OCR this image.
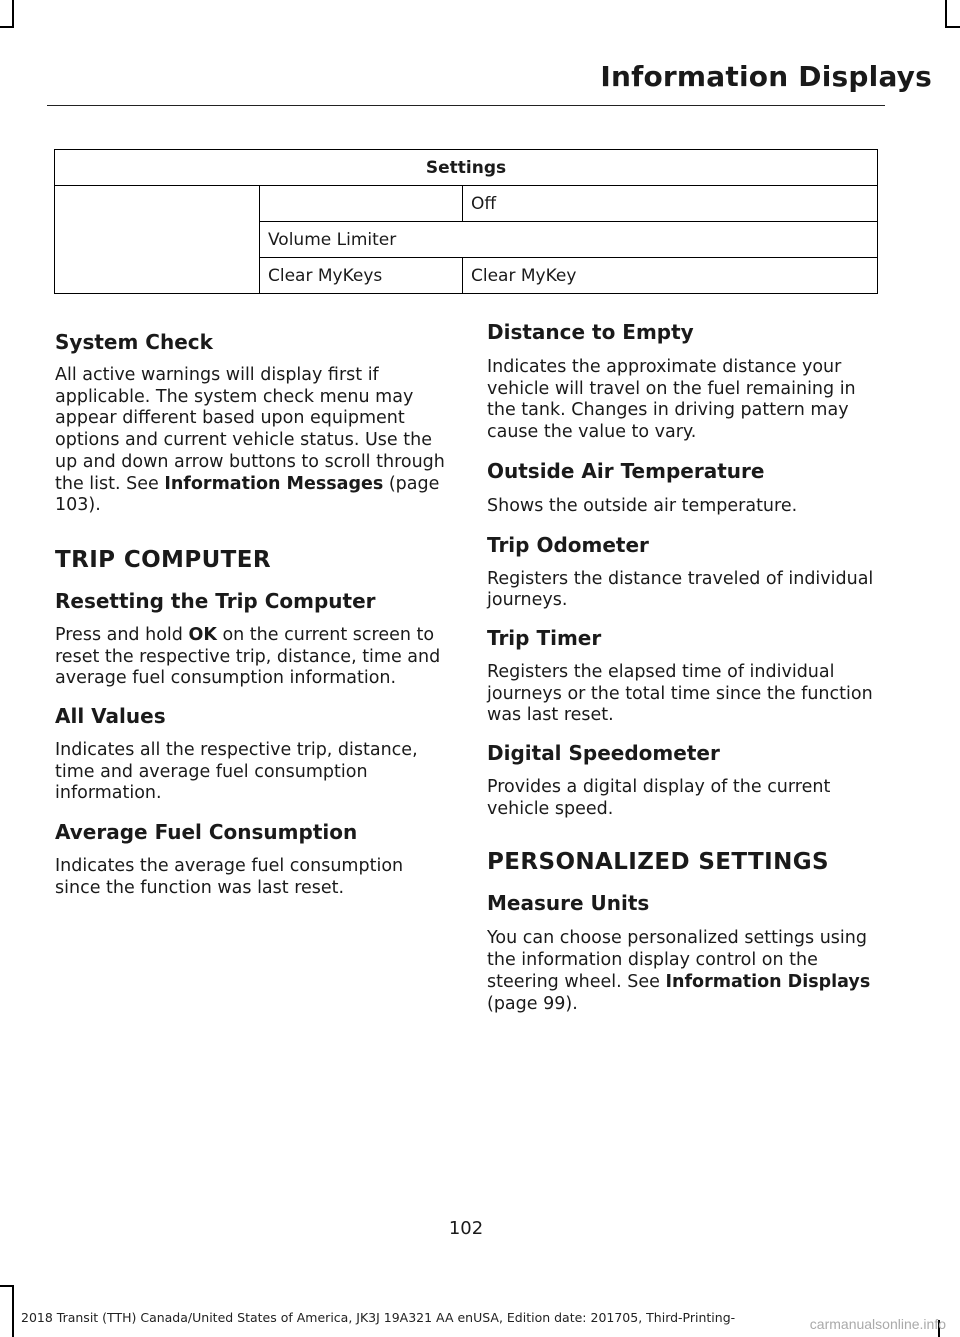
Information Displays
Settings		
		Off
	Volume Limiter	
	Clear MyKeys	Clear MyKey
System Check

All active warnings will display first if applicable. The system check menu may appear different based upon equipment options and current vehicle status. Use the up and down arrow buttons to scroll through the list. See Information Messages (page 103).

TRIP COMPUTER
Resetting the Trip Computer

Press and hold OK on the current screen to reset the respective trip, distance, time and average fuel consumption information.

All Values

Indicates all the respective trip, distance, time and average fuel consumption information.

Average Fuel Consumption

Indicates the average fuel consumption since the function was last reset.

Distance to Empty

Indicates the approximate distance your vehicle will travel on the fuel remaining in the tank. Changes in driving pattern may cause the value to vary.

Outside Air Temperature

Shows the outside air temperature.

Trip Odometer

Registers the distance traveled of individual journeys.

Trip Timer

Registers the elapsed time of individual journeys or the total time since the function was last reset.

Digital Speedometer

Provides a digital display of the current vehicle speed.

PERSONALIZED SETTINGS
Measure Units

You can choose personalized settings using the information display control on the steering wheel. See Information Displays (page 99).

102
2018 Transit (TTH) Canada/United States of America, JK3J 19A321 AA enUSA, Edition date: 201705, Third-Printing-	carmanualsonline.info
